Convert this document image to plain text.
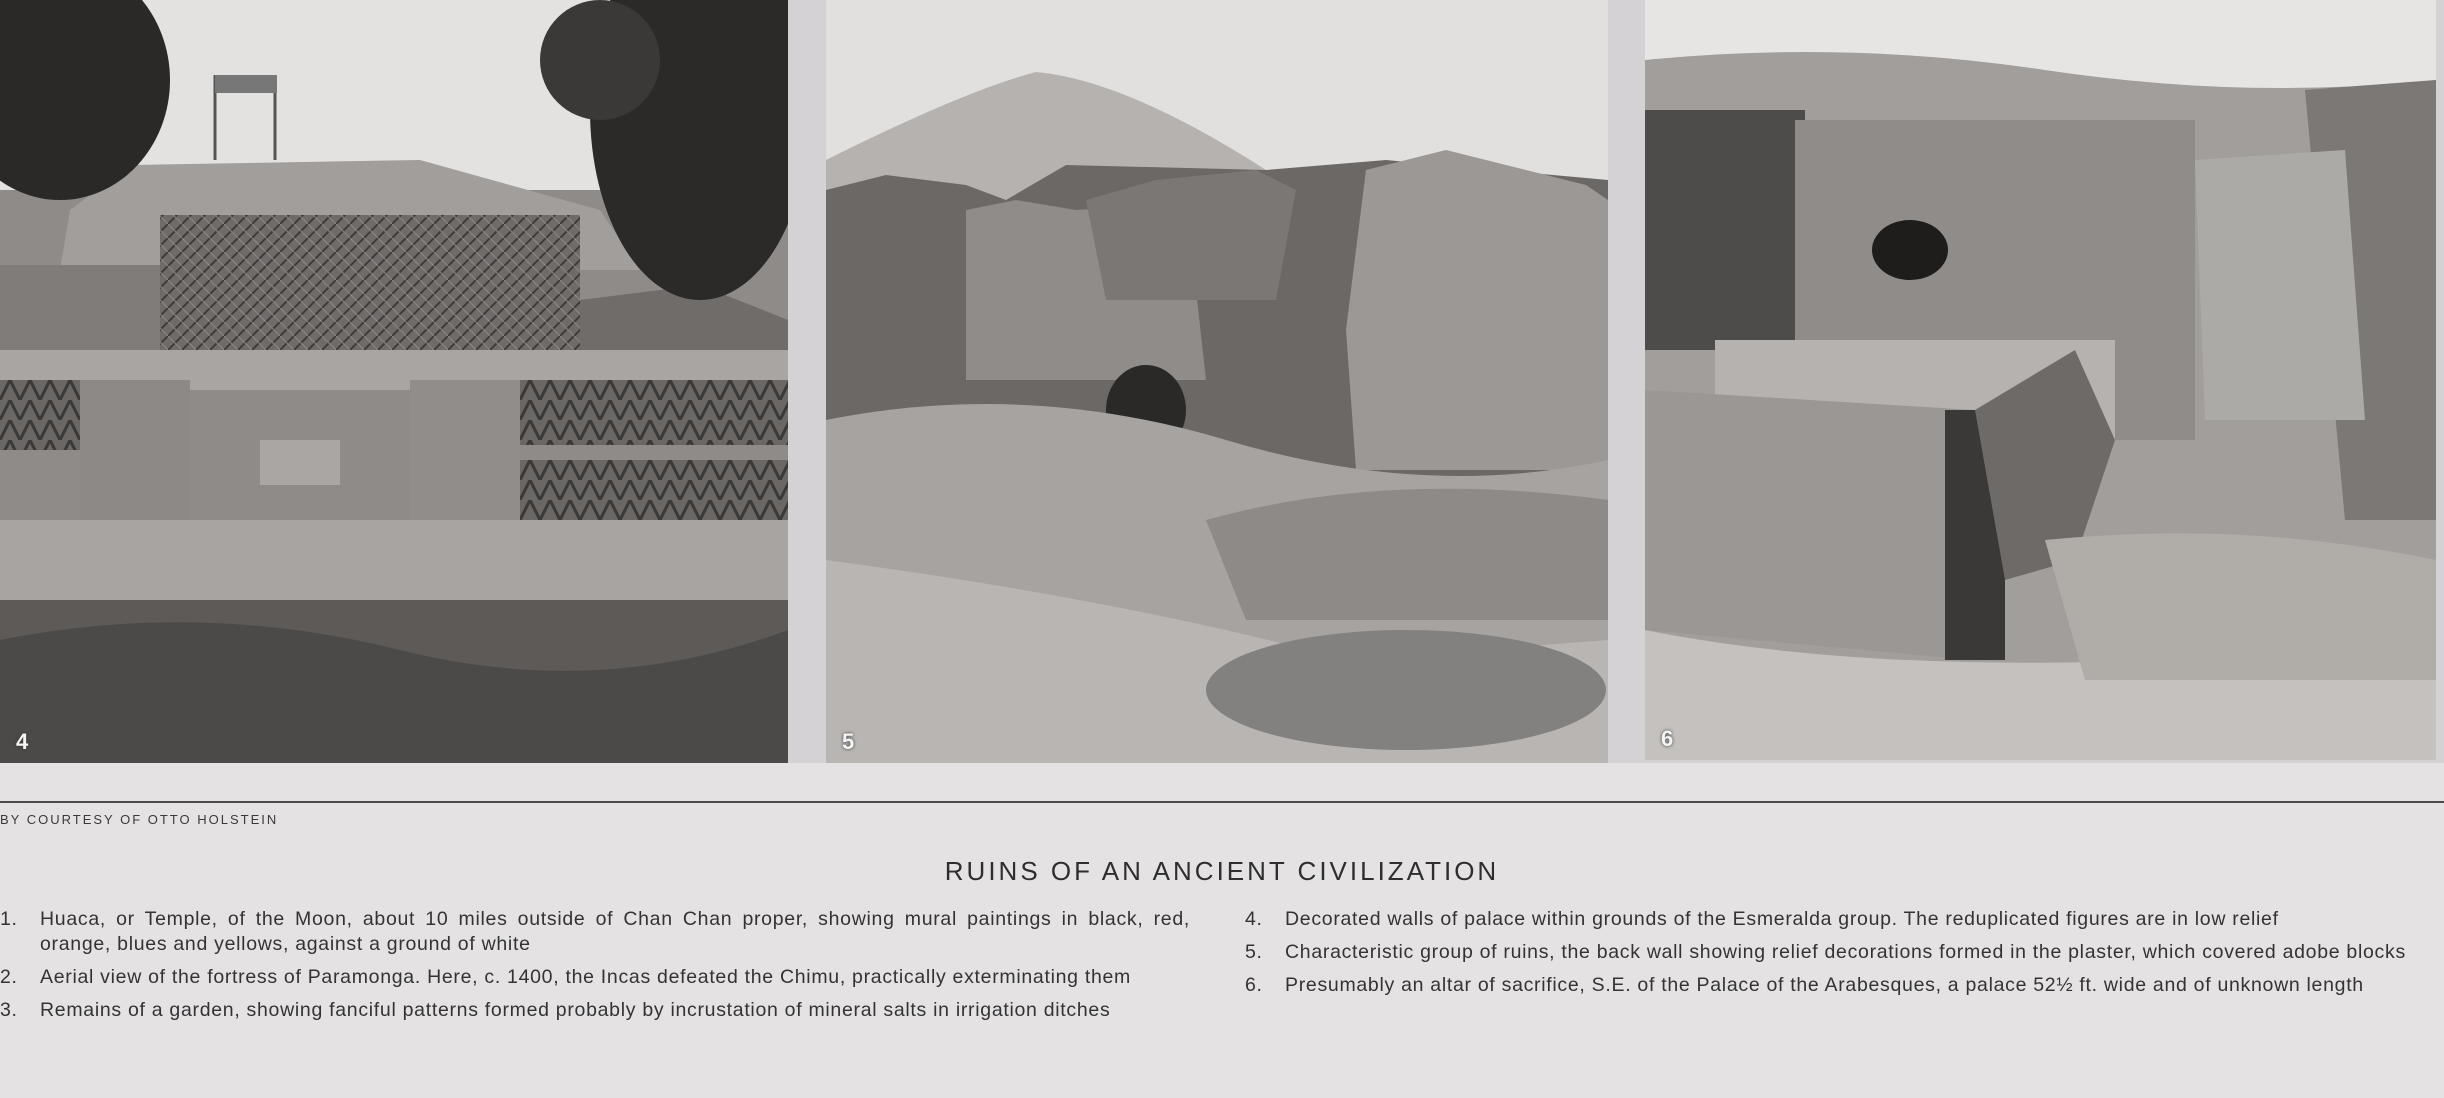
4	5	6
BY COURTESY OF OTTO HOLSTEIN
RUINS OF AN ANCIENT CIVILIZATION
1. Huaca, or Temple, of the Moon, about 10 miles outside of Chan Chan proper, showing mural paintings in black, red, orange, blues and yellows, against a ground of white
2. Aerial view of the fortress of Paramonga. Here, c. 1400, the Incas defeated the Chimu, practically exterminating them
3. Remains of a garden, showing fanciful patterns formed probably by incrustation of mineral salts in irrigation ditches
4. Decorated walls of palace within grounds of the Esmeralda group. The reduplicated figures are in low relief
5. Characteristic group of ruins, the back wall showing relief decorations formed in the plaster, which covered adobe blocks
6. Presumably an altar of sacrifice, S.E. of the Palace of the Arabesques, a palace 52½ ft. wide and of unknown length
